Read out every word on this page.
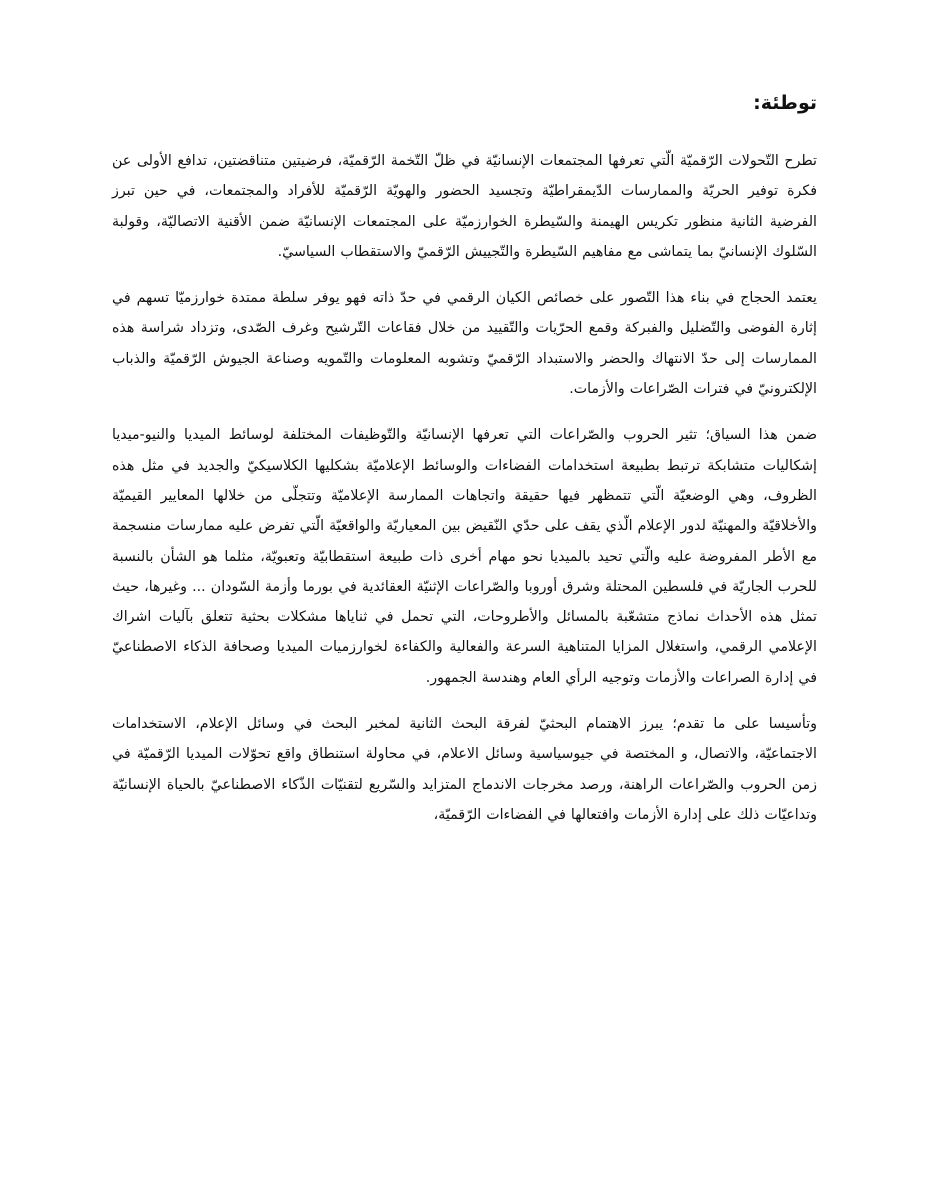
توطئة:

تطرح التّحولات الرّقميّة الّتي تعرفها المجتمعات الإنسانيّة في ظلّ التّخمة الرّقميّة، فرضيتين متناقضتين، تدافع الأولى عن فكرة توفير الحريّة والممارسات الدّيمقراطيّة وتجسيد الحضور والهويّة الرّقميّة للأفراد والمجتمعات، في حين تبرز الفرضية الثانية منظور تكريس الهيمنة والسّيطرة الخوارزميّة على المجتمعات الإنسانيّة ضمن الأقنية الاتصاليّة، وقولبة السّلوك الإنسانيّ بما يتماشى مع مفاهيم السّيطرة والتّجييش الرّقميّ والاستقطاب السياسيّ.

يعتمد الحجاج في بناء هذا التّصور على خصائص الكيان الرقمي في حدّ ذاته فهو يوفر سلطة ممتدة خوارزميّا تسهم في إثارة الفوضى والتّضليل والفبركة وقمع الحرّيات والتّقييد من خلال فقاعات التّرشيح وغرف الصّدى، وتزداد شراسة هذه الممارسات إلى حدّ الانتهاك والحضر والاستبداد الرّقميّ وتشوبه المعلومات والتّمويه وصناعة الجيوش الرّقميّة والذباب الإلكترونيّ في فترات الصّراعات والأزمات.

ضمن هذا السياق؛ تثير الحروب والصّراعات التي تعرفها الإنسانيّة والتّوظيفات المختلفة لوسائط الميديا والنيو-ميديا إشكاليات متشابكة ترتبط بطبيعة استخدامات الفضاءات والوسائط الإعلاميّة بشكليها الكلاسيكيّ والجديد في مثل هذه الظروف، وهي الوضعيّة الّتي تتمظهر فيها حقيقة واتجاهات الممارسة الإعلاميّة وتتجلّى من خلالها المعايير القيميّة والأخلاقيّة والمهنيّة لدور الإعلام الّذي يقف على حدّي النّقيض بين المعياريّة والواقعيّة الّتي تفرض عليه ممارسات منسجمة مع الأطر المفروضة عليه والّتي تحيد بالميديا نحو مهام أخرى ذات طبيعة استقطابيّة وتعبويّة، مثلما هو الشأن بالنسبة للحرب الجاريّة في فلسطين المحتلة وشرق أوروبا والصّراعات الإثنيّة العقائدية في بورما وأزمة السّودان ... وغيرها، حيث تمثل هذه الأحداث نماذج متشعّبة بالمسائل والأطروحات، التي تحمل في ثناياها مشكلات بحثية تتعلق بآليات اشراك الإعلامي الرقمي، واستغلال المزايا المتناهية السرعة والفعالية والكفاءة لخوارزميات الميديا وصحافة الذكاء الاصطناعيّ في إدارة الصراعات والأزمات وتوجيه الرأي العام وهندسة الجمهور.

وتأسيسا على ما تقدم؛ يبرز الاهتمام البحثيّ لفرقة البحث الثانية لمخبر البحث في وسائل الإعلام، الاستخدامات الاجتماعيّة، والاتصال، و المختصة في جيوسياسية وسائل الاعلام، في محاولة استنطاق واقع تحوّلات الميديا الرّقميّة في زمن الحروب والصّراعات الراهنة، ورصد مخرجات الاندماج المتزايد والسّريع لتقنيّات الذّكاء الاصطناعيّ بالحياة الإنسانيّة وتداعيّات ذلك على إدارة الأزمات وافتعالها في الفضاءات الرّقميّة،
